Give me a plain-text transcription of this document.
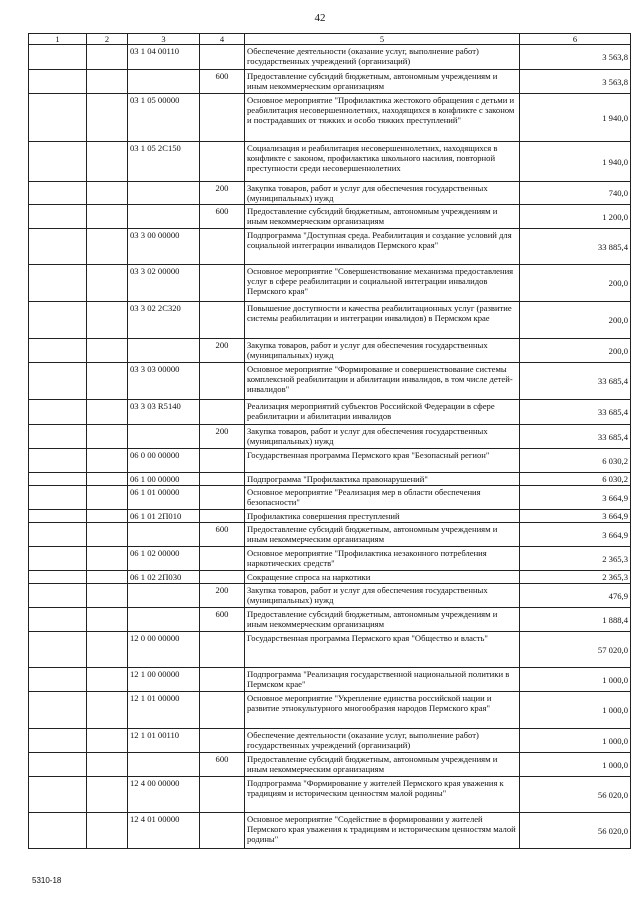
42
1	2	3	4	5	6
		03 1 04 00110		Обеспечение деятельности (оказание услуг, выполнение работ) государственных учреждений (организаций)	3 563,8
			600	Предоставление субсидий бюджетным, автономным учреждениям и иным некоммерческим организациям	3 563,8
		03 1 05 00000		Основное мероприятие "Профилактика жестокого обращения с детьми и реабилитация несовершеннолетних, находящихся в конфликте с законом и пострадавших от тяжких и особо тяжких преступлений"	1 940,0
		03 1 05 2С150		Социализация и реабилитация несовершеннолетних, находящихся в конфликте с законом, профилактика школьного насилия, повторной преступности среди несовершеннолетних	1 940,0
			200	Закупка товаров, работ и услуг для обеспечения государственных (муниципальных) нужд	740,0
			600	Предоставление субсидий бюджетным, автономным учреждениям и иным некоммерческим организациям	1 200,0
		03 3 00 00000		Подпрограмма "Доступная среда. Реабилитация и создание условий для социальной интеграции инвалидов Пермского края"	33 885,4
		03 3 02 00000		Основное мероприятие "Совершенствование механизма предоставления услуг в сфере реабилитации и социальной интеграции инвалидов Пермского края"	200,0
		03 3 02 2С320		Повышение доступности и качества реабилитационных услуг (развитие системы реабилитации и интеграции инвалидов) в Пермском крае	200,0
			200	Закупка товаров, работ и услуг для обеспечения государственных (муниципальных) нужд	200,0
		03 3 03 00000		Основное мероприятие "Формирование и совершенствование системы комплексной реабилитации и абилитации инвалидов, в том числе детей-инвалидов"	33 685,4
		03 3 03 R5140		Реализация мероприятий субъектов Российской Федерации в сфере реабилитации и абилитации инвалидов	33 685,4
			200	Закупка товаров, работ и услуг для обеспечения государственных (муниципальных) нужд	33 685,4
		06 0 00 00000		Государственная программа Пермского края "Безопасный регион"	6 030,2
		06 1 00 00000		Подпрограмма "Профилактика правонарушений"	6 030,2
		06 1 01 00000		Основное мероприятие "Реализация мер в области обеспечения безопасности"	3 664,9
		06 1 01 2П010		Профилактика совершения преступлений	3 664,9
			600	Предоставление субсидий бюджетным, автономным учреждениям и иным некоммерческим организациям	3 664,9
		06 1 02 00000		Основное мероприятие "Профилактика незаконного потребления наркотических средств"	2 365,3
		06 1 02 2П030		Сокращение спроса на наркотики	2 365,3
			200	Закупка товаров, работ и услуг для обеспечения государственных (муниципальных) нужд	476,9
			600	Предоставление субсидий бюджетным, автономным учреждениям и иным некоммерческим организациям	1 888,4
		12 0 00 00000		Государственная программа Пермского края "Общество и власть"	57 020,0
		12 1 00 00000		Подпрограмма "Реализация государственной национальной политики в Пермском крае"	1 000,0
		12 1 01 00000		Основное мероприятие "Укрепление единства российской нации и развитие этнокультурного многообразия народов Пермского края"	1 000,0
		12 1 01 00110		Обеспечение деятельности (оказание услуг, выполнение работ) государственных учреждений (организаций)	1 000,0
			600	Предоставление субсидий бюджетным, автономным учреждениям и иным некоммерческим организациям	1 000,0
		12 4 00 00000		Подпрограмма "Формирование у жителей Пермского края уважения к традициям и историческим ценностям малой родины"	56 020,0
		12 4 01 00000		Основное мероприятие "Содействие в формировании у жителей Пермского края уважения к традициям и историческим ценностям малой родины"	56 020,0
5310-18
